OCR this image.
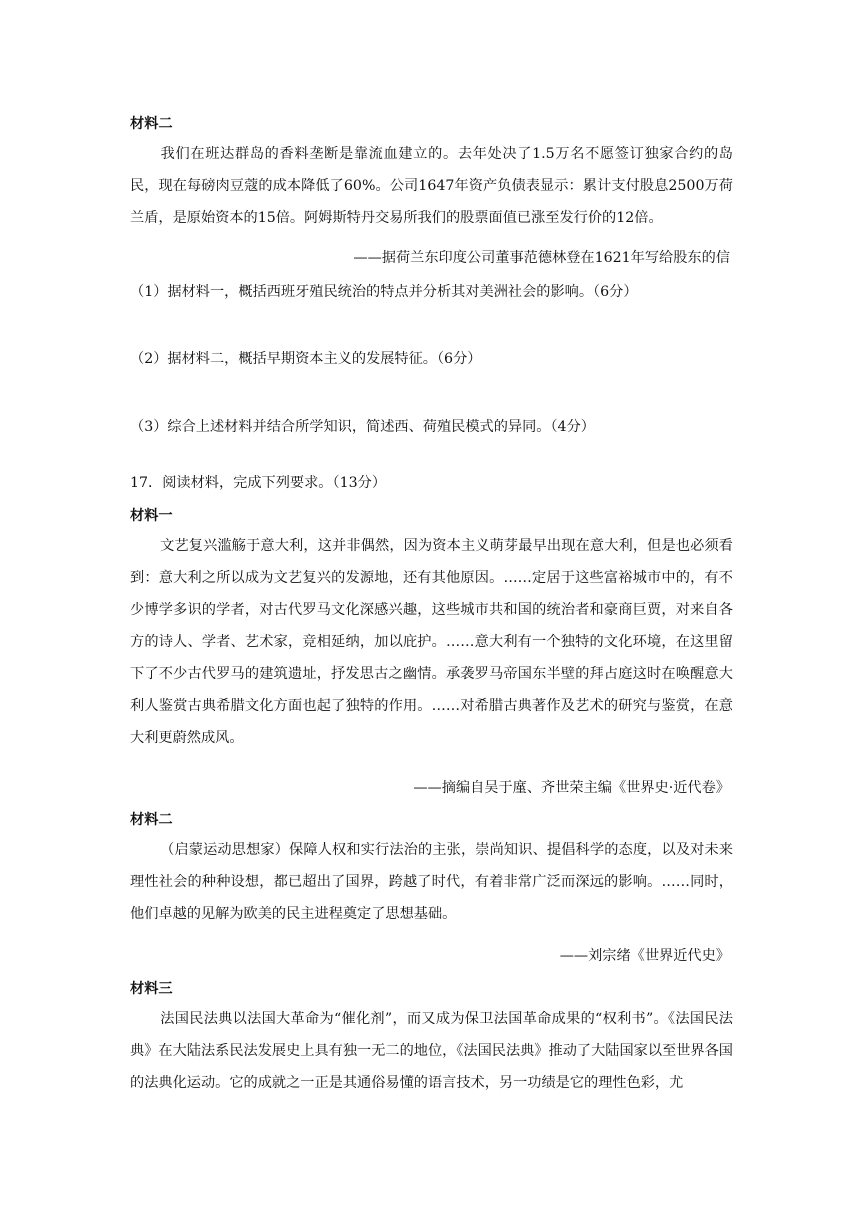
材料二
我们在班达群岛的香料垄断是靠流血建立的。去年处决了1.5万名不愿签订独家合约的岛民，现在每磅肉豆蔻的成本降低了60%。公司1647年资产负债表显示：累计支付股息2500万荷兰盾，是原始资本的15倍。阿姆斯特丹交易所我们的股票面值已涨至发行价的12倍。
——据荷兰东印度公司董事范德林登在1621年写给股东的信
（1）据材料一，概括西班牙殖民统治的特点并分析其对美洲社会的影响。（6分）
（2）据材料二，概括早期资本主义的发展特征。（6分）
（3）综合上述材料并结合所学知识，简述西、荷殖民模式的异同。（4分）
17．阅读材料，完成下列要求。（13分）
材料一
文艺复兴滥觞于意大利，这并非偶然，因为资本主义萌芽最早出现在意大利，但是也必须看到：意大利之所以成为文艺复兴的发源地，还有其他原因。……定居于这些富裕城市中的，有不少博学多识的学者，对古代罗马文化深感兴趣，这些城市共和国的统治者和豪商巨贾，对来自各方的诗人、学者、艺术家，竞相延纳，加以庇护。……意大利有一个独特的文化环境，在这里留下了不少古代罗马的建筑遗址，抒发思古之幽情。承袭罗马帝国东半壁的拜占庭这时在唤醒意大利人鉴赏古典希腊文化方面也起了独特的作用。……对希腊古典著作及艺术的研究与鉴赏，在意大利更蔚然成风。
——摘编自吴于廑、齐世荣主编《世界史·近代卷》
材料二
（启蒙运动思想家）保障人权和实行法治的主张，崇尚知识、提倡科学的态度，以及对未来理性社会的种种设想，都已超出了国界，跨越了时代，有着非常广泛而深远的影响。……同时，他们卓越的见解为欧美的民主进程奠定了思想基础。
——刘宗绪《世界近代史》
材料三
法国民法典以法国大革命为“催化剂”，而又成为保卫法国革命成果的“权利书”。《法国民法典》在大陆法系民法发展史上具有独一无二的地位，《法国民法典》推动了大陆国家以至世界各国的法典化运动。它的成就之一正是其通俗易懂的语言技术，另一功绩是它的理性色彩，尤
